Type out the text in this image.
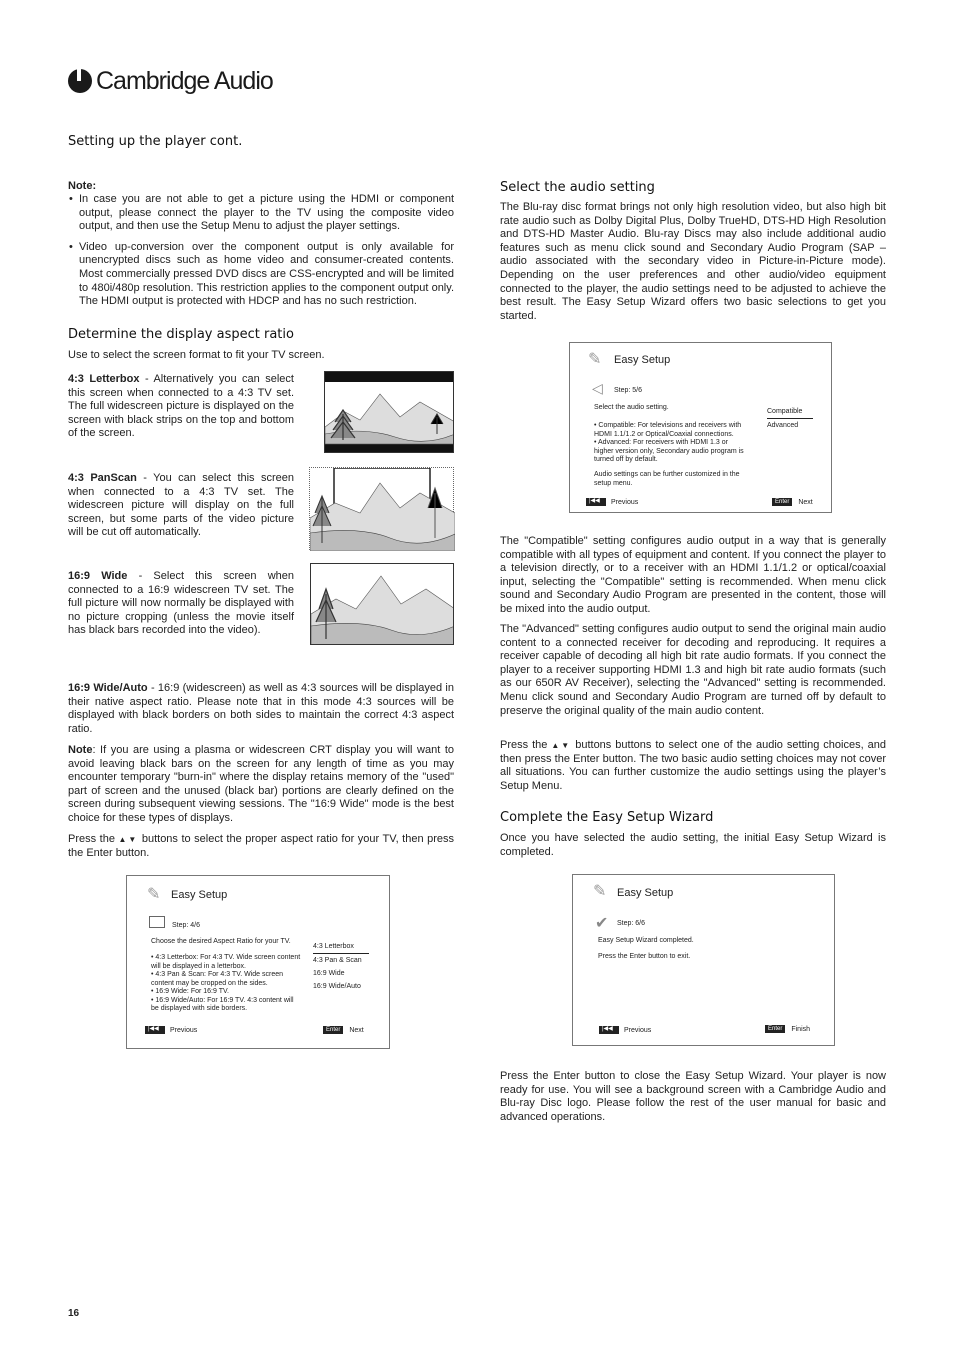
Cambridge Audio
Setting up the player cont.
Note:
• In case you are not able to get a picture using the HDMI or component output, please connect the player to the TV using the composite video output, and then use the Setup Menu to adjust the player settings.
• Video up-conversion over the component output is only available for unencrypted discs such as home video and consumer-created contents. Most commercially pressed DVD discs are CSS-encrypted and will be limited to 480i/480p resolution. This restriction applies to the component output only. The HDMI output is protected with HDCP and has no such restriction.
Determine the display aspect ratio
Use to select the screen format to fit your TV screen.
4:3 Letterbox - Alternatively you can select this screen when connected to a 4:3 TV set. The full widescreen picture is displayed on the screen with black strips on the top and bottom of the screen.
4:3 PanScan - You can select this screen when connected to a 4:3 TV set. The widescreen picture will display on the full screen, but some parts of the video picture will be cut off automatically.
16:9 Wide - Select this screen when connected to a 16:9 widescreen TV set. The full picture will now normally be displayed with no picture cropping (unless the movie itself has black bars recorded into the video).
16:9 Wide/Auto - 16:9 (widescreen) as well as 4:3 sources will be displayed in their native aspect ratio. Please note that in this mode 4:3 sources will be displayed with black borders on both sides to maintain the correct 4:3 aspect ratio.
Note: If you are using a plasma or widescreen CRT display you will want to avoid leaving black bars on the screen for any length of time as you may encounter temporary "burn-in" where the display retains memory of the "used" part of screen and the unused (black bar) portions are clearly defined on the screen during subsequent viewing sessions. The "16:9 Wide" mode is the best choice for these types of displays.
Press the ▲▼ buttons to select the proper aspect ratio for your TV, then press the Enter button.
✎ Easy Setup
Step: 4/6
Choose the desired Aspect Ratio for your TV.
• 4:3 Letterbox: For 4:3 TV. Wide screen content will be displayed in a letterbox.
• 4:3 Pan & Scan: For 4:3 TV. Wide screen content may be cropped on the sides.
• 16:9 Wide: For 16:9 TV.
• 16:9 Wide/Auto: For 16:9 TV. 4:3 content will be displayed with side borders.
4:3 Letterbox
4:3 Pan & Scan
16:9 Wide
16:9 Wide/Auto
|◀◀
Previous	Enter	Next
Select the audio setting
The Blu-ray disc format brings not only high resolution video, but also high bit rate audio such as Dolby Digital Plus, Dolby TrueHD, DTS-HD High Resolution and DTS-HD Master Audio. Blu-ray Discs may also include additional audio features such as menu click sound and Secondary Audio Program (SAP – audio associated with the secondary video in Picture-in-Picture mode). Depending on the user preferences and other audio/video equipment connected to the player, the audio settings need to be adjusted to achieve the best result. The Easy Setup Wizard offers two basic selections to get you started.
✎ Easy Setup
◁ Step: 5/6
Select the audio setting.
• Compatible: For televisions and receivers with HDMI 1.1/1.2 or Optical/Coaxial connections.
• Advanced: For receivers with HDMI 1.3 or higher version only, Secondary audio program is turned off by default.
Audio settings can be further customized in the setup menu.
Compatible
Advanced
|◀◀
Previous	Enter	Next
The "Compatible" setting configures audio output in a way that is generally compatible with all types of equipment and content. If you connect the player to a television directly, or to a receiver with an HDMI 1.1/1.2 or optical/coaxial input, selecting the "Compatible" setting is recommended. When menu click sound and Secondary Audio Program are presented in the content, those will be mixed into the audio output.
The "Advanced" setting configures audio output to send the original main audio content to a connected receiver for decoding and reproducing. It requires a receiver capable of decoding all high bit rate audio formats. If you connect the player to a receiver supporting HDMI 1.3 and high bit rate audio formats (such as our 650R AV Receiver), selecting the "Advanced" setting is recommended. Menu click sound and Secondary Audio Program are turned off by default to preserve the original quality of the main audio content.
Press the ▲▼ buttons buttons to select one of the audio setting choices, and then press the Enter button. The two basic audio setting choices may not cover all situations. You can further customize the audio settings using the player’s Setup Menu.
Complete the Easy Setup Wizard
Once you have selected the audio setting, the initial Easy Setup Wizard is completed.
✎ Easy Setup
✔ Step: 6/6
Easy Setup Wizard completed.
Press the Enter button to exit.
|◀◀
Previous	Enter	Finish
Press the Enter button to close the Easy Setup Wizard. Your player is now ready for use. You will see a background screen with a Cambridge Audio and Blu-ray Disc logo. Please follow the rest of the user manual for basic and advanced operations.
16
